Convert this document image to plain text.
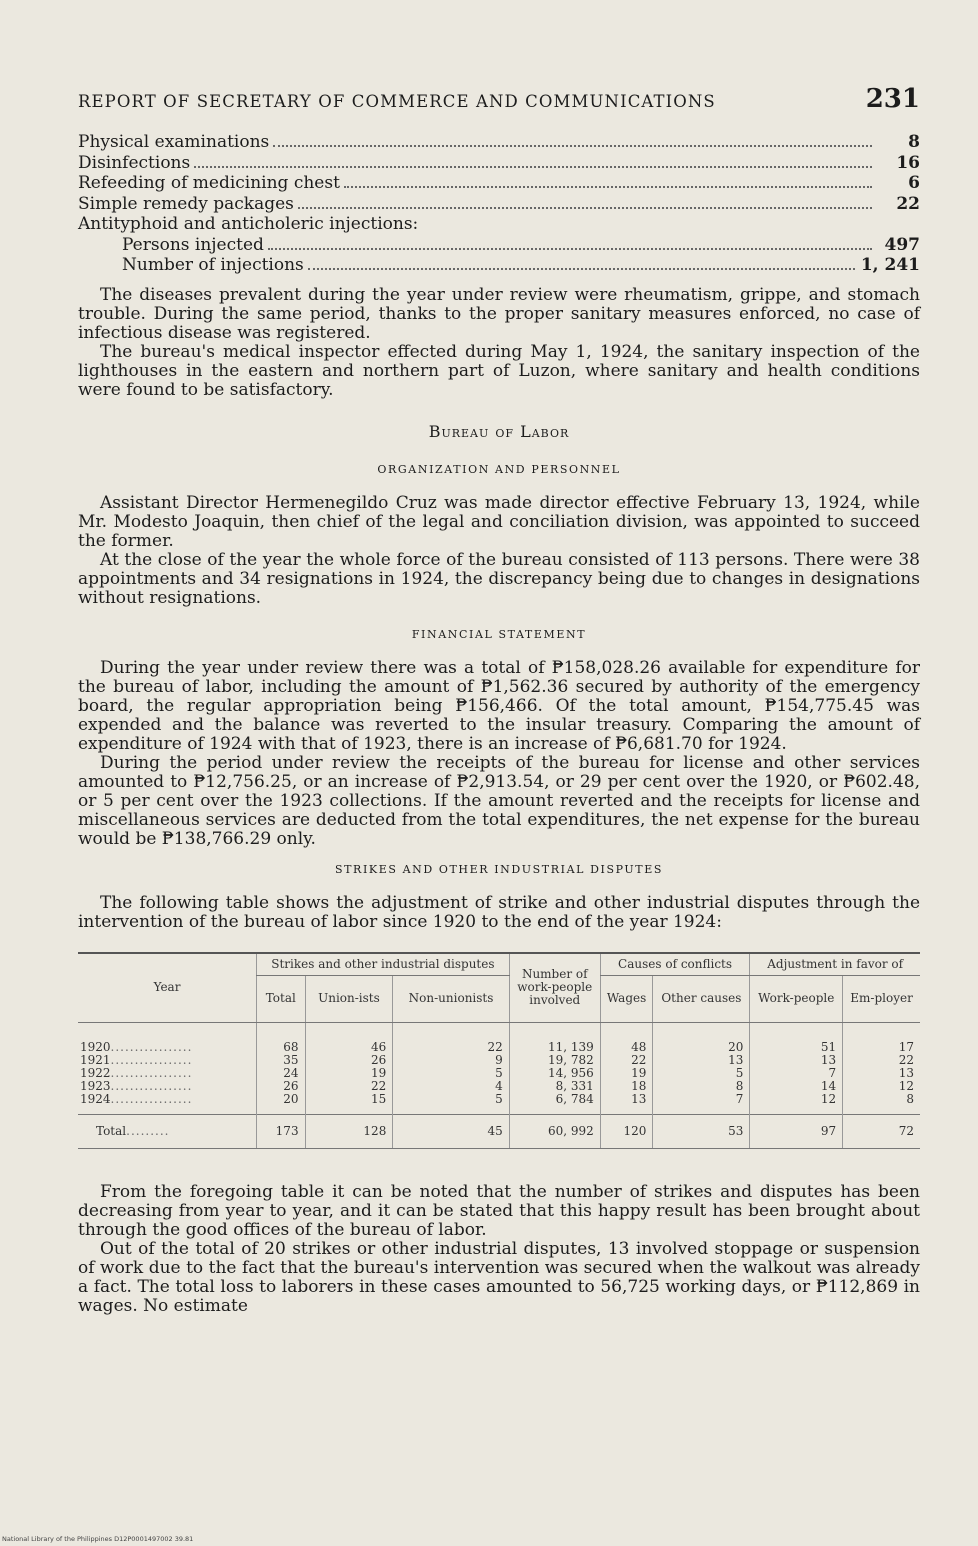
REPORT OF SECRETARY OF COMMERCE AND COMMUNICATIONS	231
Physical examinations	8
Disinfections	16
Refeeding of medicining chest	6
Simple remedy packages	22
Antityphoid and anticholeric injections:
Persons injected	497
Number of injections	1, 241

The diseases prevalent during the year under review were rheumatism, grippe, and stomach trouble. During the same period, thanks to the proper sanitary measures enforced, no case of infectious disease was registered.

The bureau's medical inspector effected during May 1, 1924, the sanitary inspection of the lighthouses in the eastern and northern part of Luzon, where sanitary and health conditions were found to be satisfactory.

Bureau of Labor
ORGANIZATION AND PERSONNEL

Assistant Director Hermenegildo Cruz was made director effective February 13, 1924, while Mr. Modesto Joaquin, then chief of the legal and conciliation division, was appointed to succeed the former.

At the close of the year the whole force of the bureau consisted of 113 persons. There were 38 appointments and 34 resignations in 1924, the discrepancy being due to changes in designations without resignations.

FINANCIAL STATEMENT

During the year under review there was a total of ₱158,028.26 available for expenditure for the bureau of labor, including the amount of ₱1,562.36 secured by authority of the emergency board, the regular appropriation being ₱156,466. Of the total amount, ₱154,775.45 was expended and the balance was reverted to the insular treasury. Comparing the amount of expenditure of 1924 with that of 1923, there is an increase of ₱6,681.70 for 1924.

During the period under review the receipts of the bureau for license and other services amounted to ₱12,756.25, or an increase of ₱2,913.54, or 29 per cent over the 1920, or ₱602.48, or 5 per cent over the 1923 collections. If the amount reverted and the receipts for license and miscellaneous services are deducted from the total expenditures, the net expense for the bureau would be ₱138,766.29 only.

STRIKES AND OTHER INDUSTRIAL DISPUTES

The following table shows the adjustment of strike and other industrial disputes through the intervention of the bureau of labor since 1920 to the end of the year 1924:

Year	Strikes and other industrial disputes			Number of work-people involved	Causes of conflicts		Adjustment in favor of	
	Total	Union-ists	Non-unionists		Wages	Other causes	Work-people	Em-ployer
1920.................	68	46	22	11, 139	48	20	51	17
1921.................	35	26	9	19, 782	22	13	13	22
1922.................	24	19	5	14, 956	19	5	7	13
1923.................	26	22	4	8, 331	18	8	14	12
1924.................	20	15	5	6, 784	13	7	12	8
Total.........	173	128	45	60, 992	120	53	97	72

From the foregoing table it can be noted that the number of strikes and disputes has been decreasing from year to year, and it can be stated that this happy result has been brought about through the good offices of the bureau of labor.

Out of the total of 20 strikes or other industrial disputes, 13 involved stoppage or suspension of work due to the fact that the bureau's intervention was secured when the walkout was already a fact. The total loss to laborers in these cases amounted to 56,725 working days, or ₱112,869 in wages. No estimate

National Library of the Philippines D12P0001497002 39.81
